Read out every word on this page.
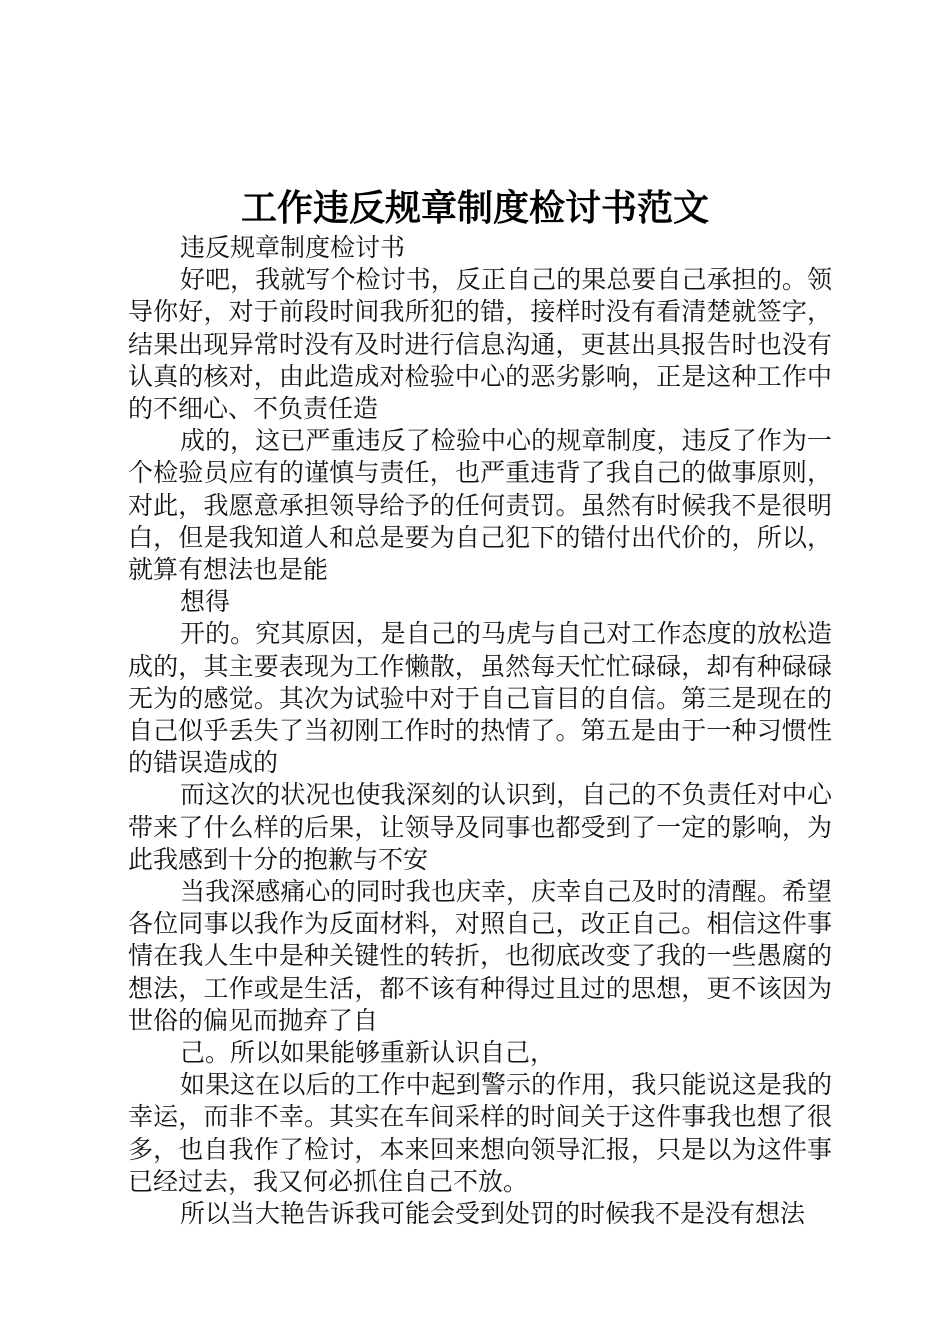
工作违反规章制度检讨书范文

违反规章制度检讨书

好吧，我就写个检讨书，反正自己的果总要自己承担的。领导你好，对于前段时间我所犯的错，接样时没有看清楚就签字，结果出现异常时没有及时进行信息沟通，更甚出具报告时也没有认真的核对，由此造成对检验中心的恶劣影响，正是这种工作中的不细心、不负责任造

成的，这已严重违反了检验中心的规章制度，违反了作为一个检验员应有的谨慎与责任，也严重违背了我自己的做事原则，对此，我愿意承担领导给予的任何责罚。虽然有时候我不是很明白，但是我知道人和总是要为自己犯下的错付出代价的，所以，就算有想法也是能

想得

开的。究其原因，是自己的马虎与自己对工作态度的放松造成的，其主要表现为工作懒散，虽然每天忙忙碌碌，却有种碌碌无为的感觉。其次为试验中对于自己盲目的自信。第三是现在的自己似乎丢失了当初刚工作时的热情了。第五是由于一种习惯性的错误造成的

而这次的状况也使我深刻的认识到，自己的不负责任对中心带来了什么样的后果，让领导及同事也都受到了一定的影响，为此我感到十分的抱歉与不安

当我深感痛心的同时我也庆幸，庆幸自己及时的清醒。希望各位同事以我作为反面材料，对照自己，改正自己。相信这件事情在我人生中是种关键性的转折，也彻底改变了我的一些愚腐的想法，工作或是生活，都不该有种得过且过的思想，更不该因为世俗的偏见而抛弃了自

己。所以如果能够重新认识自己，

如果这在以后的工作中起到警示的作用，我只能说这是我的幸运，而非不幸。其实在车间采样的时间关于这件事我也想了很多，也自我作了检讨，本来回来想向领导汇报，只是以为这件事已经过去，我又何必抓住自己不放。

所以当大艳告诉我可能会受到处罚的时候我不是没有想法
